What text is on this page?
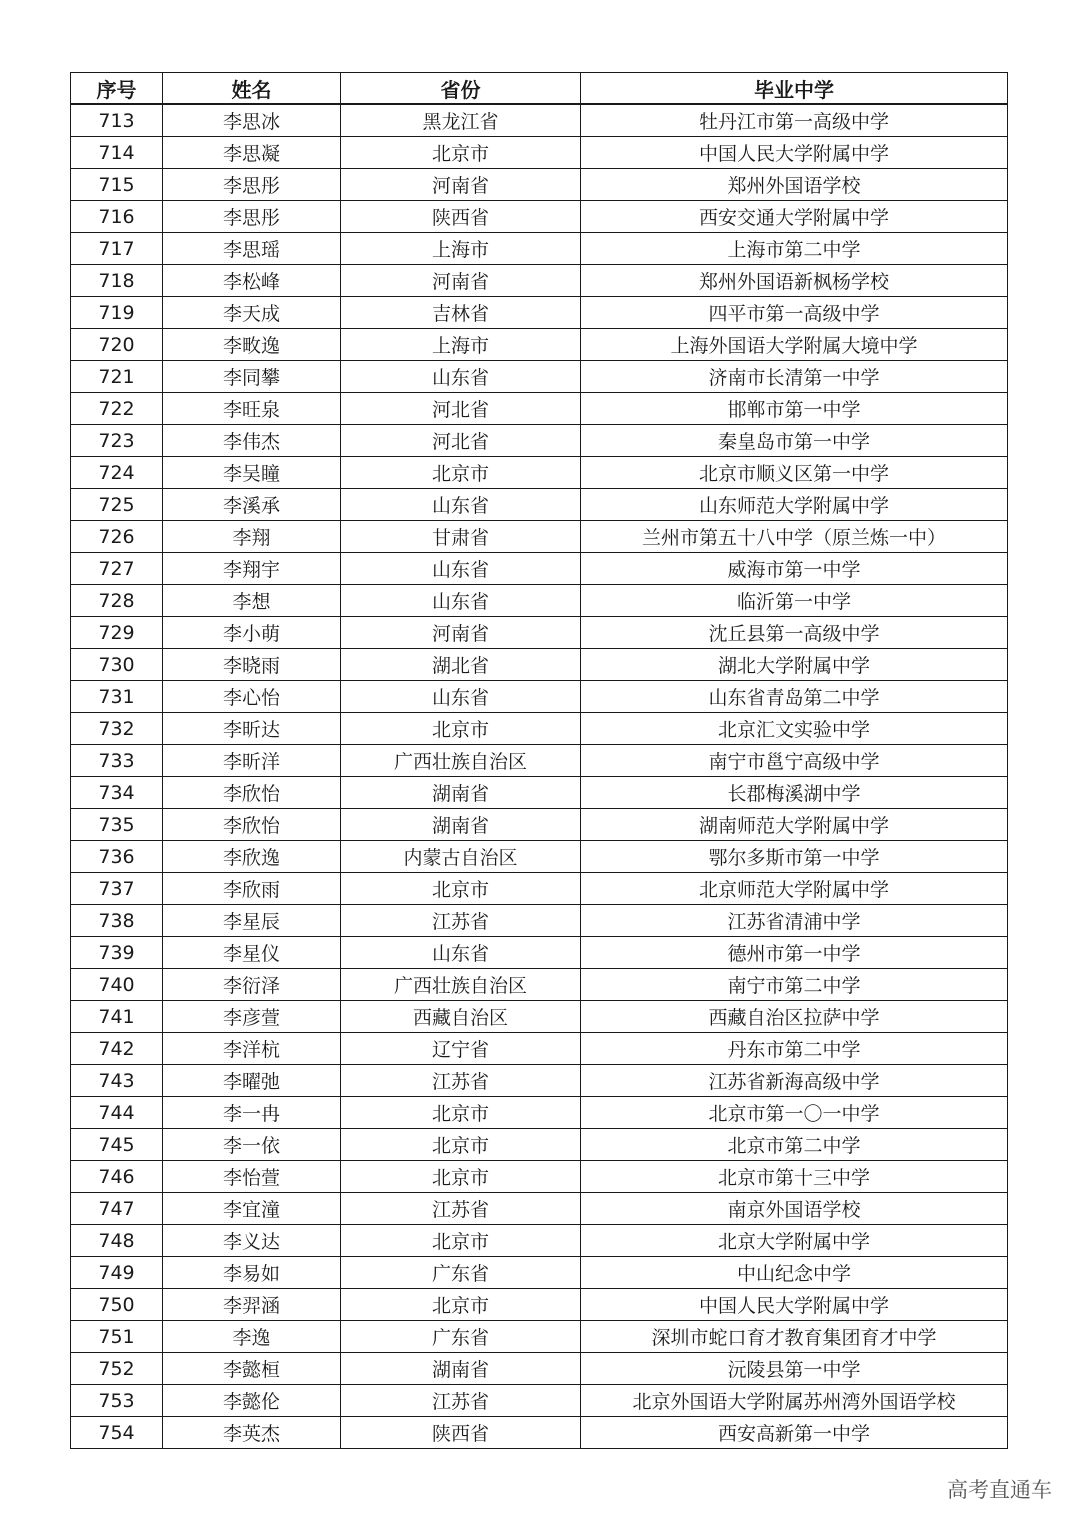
序号	姓名	省份	毕业中学
713	李思冰	黑龙江省	牡丹江市第一高级中学
714	李思凝	北京市	中国人民大学附属中学
715	李思彤	河南省	郑州外国语学校
716	李思彤	陕西省	西安交通大学附属中学
717	李思瑶	上海市	上海市第二中学
718	李松峰	河南省	郑州外国语新枫杨学校
719	李天成	吉林省	四平市第一高级中学
720	李畋逸	上海市	上海外国语大学附属大境中学
721	李同攀	山东省	济南市长清第一中学
722	李旺泉	河北省	邯郸市第一中学
723	李伟杰	河北省	秦皇岛市第一中学
724	李吴瞳	北京市	北京市顺义区第一中学
725	李溪承	山东省	山东师范大学附属中学
726	李翔	甘肃省	兰州市第五十八中学（原兰炼一中）
727	李翔宇	山东省	威海市第一中学
728	李想	山东省	临沂第一中学
729	李小萌	河南省	沈丘县第一高级中学
730	李晓雨	湖北省	湖北大学附属中学
731	李心怡	山东省	山东省青岛第二中学
732	李昕达	北京市	北京汇文实验中学
733	李昕洋	广西壮族自治区	南宁市邕宁高级中学
734	李欣怡	湖南省	长郡梅溪湖中学
735	李欣怡	湖南省	湖南师范大学附属中学
736	李欣逸	内蒙古自治区	鄂尔多斯市第一中学
737	李欣雨	北京市	北京师范大学附属中学
738	李星辰	江苏省	江苏省清浦中学
739	李星仪	山东省	德州市第一中学
740	李衍泽	广西壮族自治区	南宁市第二中学
741	李彦萱	西藏自治区	西藏自治区拉萨中学
742	李洋杭	辽宁省	丹东市第二中学
743	李曜弛	江苏省	江苏省新海高级中学
744	李一冉	北京市	北京市第一〇一中学
745	李一依	北京市	北京市第二中学
746	李怡萱	北京市	北京市第十三中学
747	李宜潼	江苏省	南京外国语学校
748	李义达	北京市	北京大学附属中学
749	李易如	广东省	中山纪念中学
750	李羿涵	北京市	中国人民大学附属中学
751	李逸	广东省	深圳市蛇口育才教育集团育才中学
752	李懿桓	湖南省	沅陵县第一中学
753	李懿伦	江苏省	北京外国语大学附属苏州湾外国语学校
754	李英杰	陕西省	西安高新第一中学
高考直通车
